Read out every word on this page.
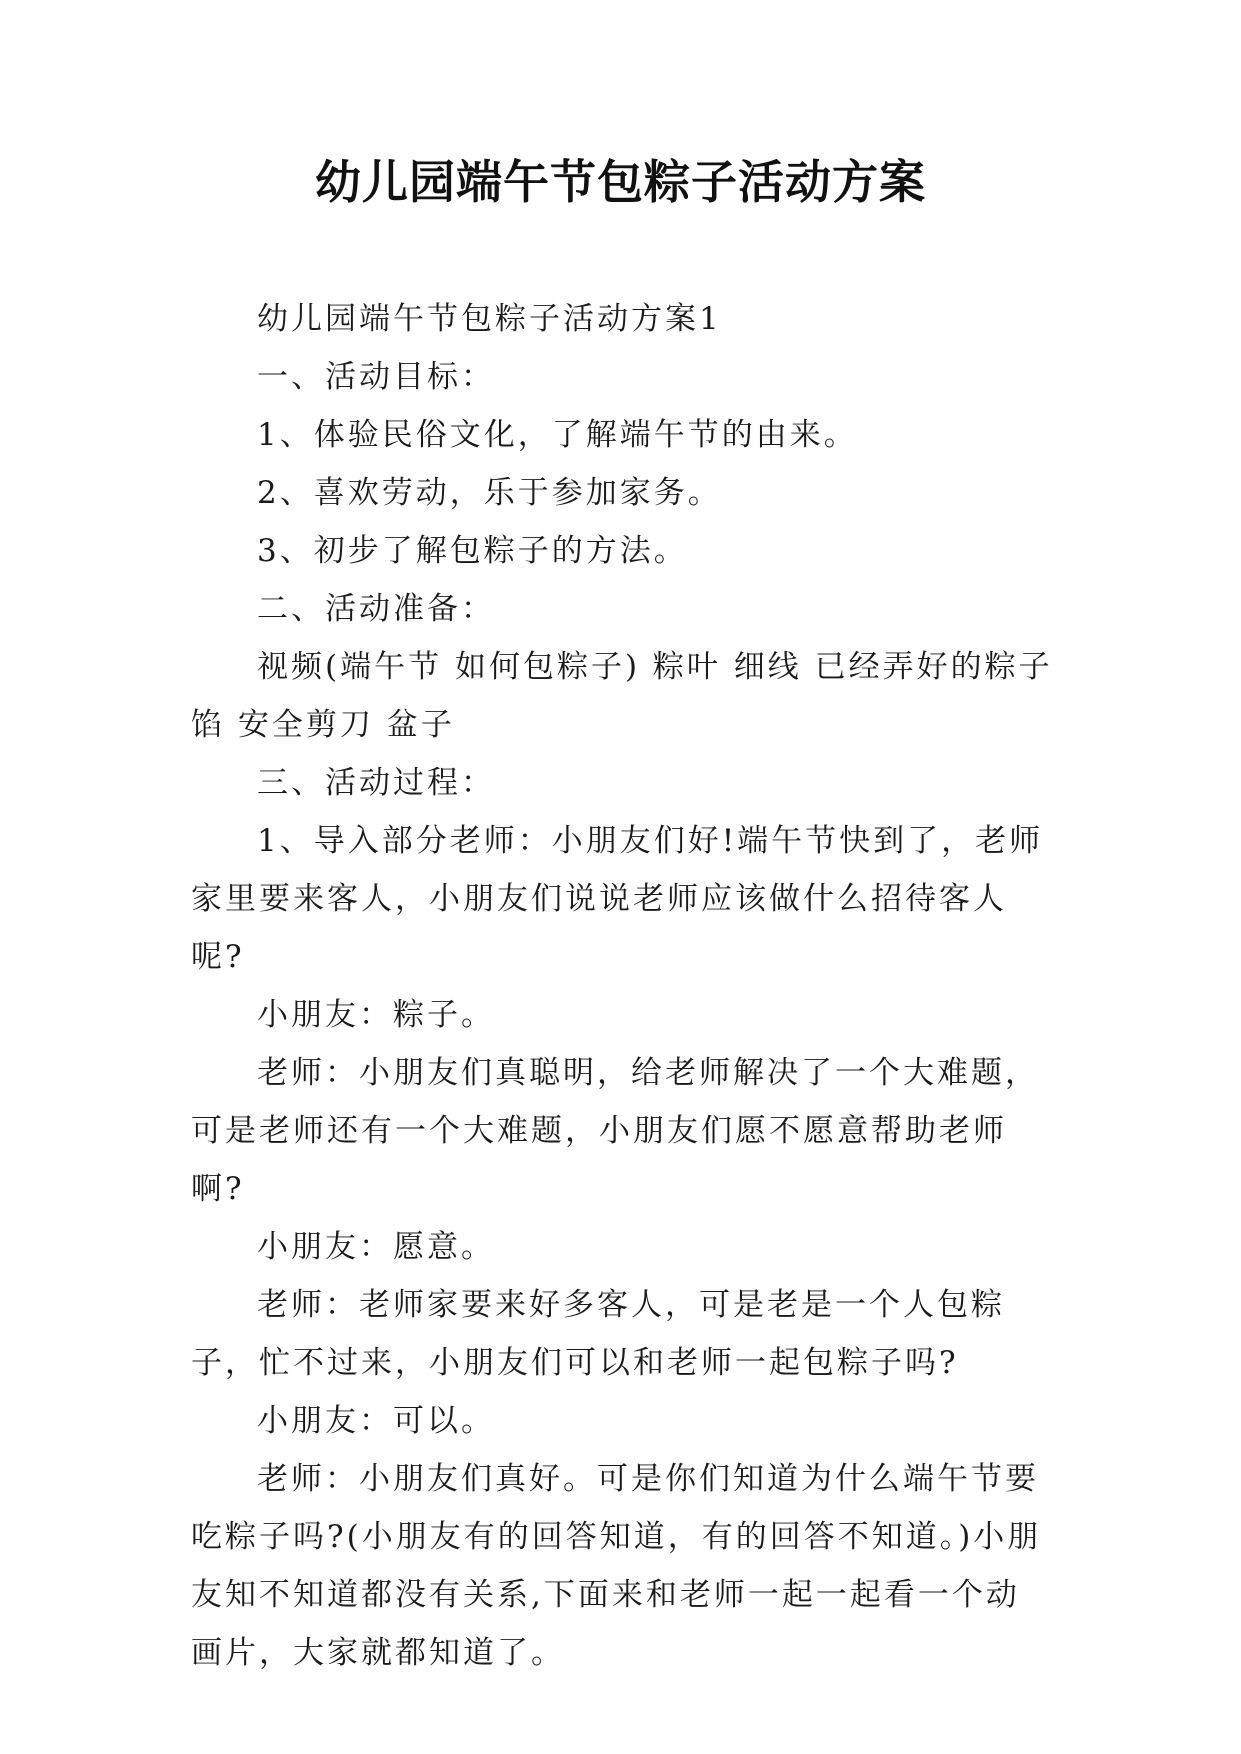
幼儿园端午节包粽子活动方案

幼儿园端午节包粽子活动方案1

一、活动目标：

1、体验民俗文化，了解端午节的由来。

2、喜欢劳动，乐于参加家务。

3、初步了解包粽子的方法。

二、活动准备：

视频(端午节 如何包粽子) 粽叶 细线 已经弄好的粽子馅 安全剪刀 盆子

三、活动过程：

1、导入部分老师：小朋友们好!端午节快到了，老师家里要来客人，小朋友们说说老师应该做什么招待客人呢?

小朋友：粽子。

老师：小朋友们真聪明，给老师解决了一个大难题，可是老师还有一个大难题，小朋友们愿不愿意帮助老师啊?

小朋友：愿意。

老师：老师家要来好多客人，可是老是一个人包粽子，忙不过来，小朋友们可以和老师一起包粽子吗?

小朋友：可以。

老师：小朋友们真好。可是你们知道为什么端午节要吃粽子吗?(小朋友有的回答知道，有的回答不知道。)小朋友知不知道都没有关系,下面来和老师一起一起看一个动画片，大家就都知道了。
